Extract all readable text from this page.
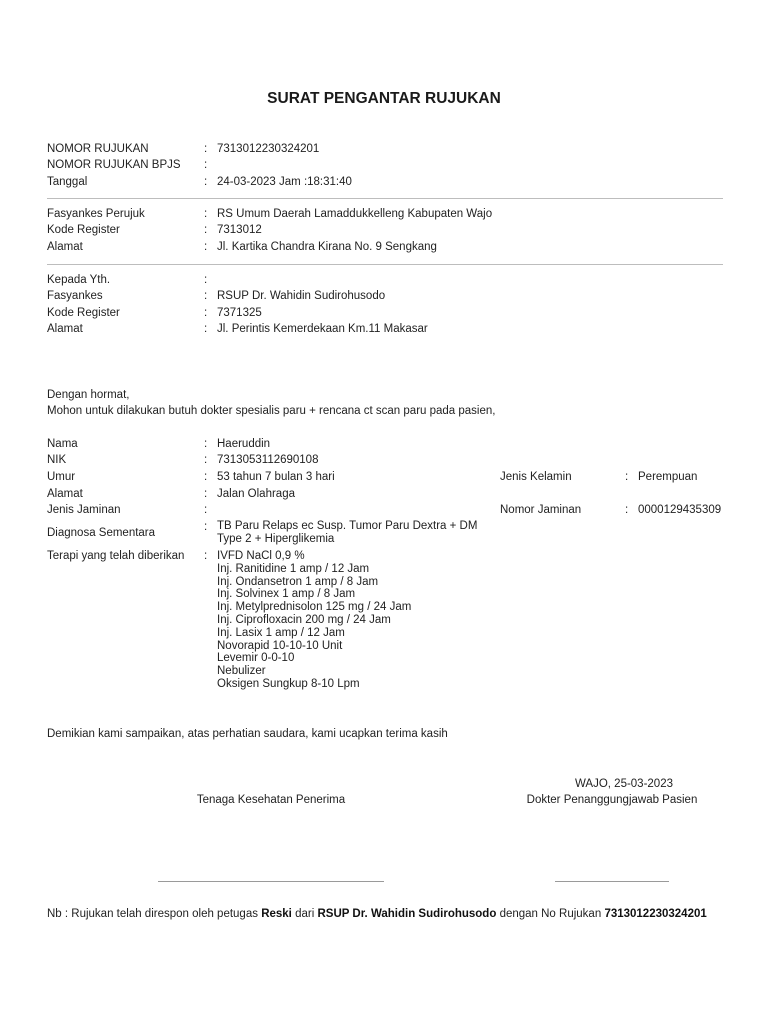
SURAT PENGANTAR RUJUKAN
NOMOR RUJUKAN	: 7313012230324201
NOMOR RUJUKAN BPJS :
Tanggal	: 24-03-2023 Jam :18:31:40
Fasyankes Perujuk	: RS Umum Daerah Lamaddukkelleng Kabupaten Wajo
Kode Register	: 7313012
Alamat	: Jl. Kartika Chandra Kirana No. 9 Sengkang
Kepada Yth.	:
Fasyankes	: RSUP Dr. Wahidin Sudirohusodo
Kode Register	: 7371325
Alamat	: Jl. Perintis Kemerdekaan Km.11 Makasar
Dengan hormat,
Mohon untuk dilakukan butuh dokter spesialis paru + rencana ct scan paru pada pasien,
Nama	: Haeruddin
NIK	: 7313053112690108
Umur	: 53 tahun 7 bulan 3 hari	Jenis Kelamin	: Perempuan
Alamat	: Jalan Olahraga
Jenis Jaminan	:	Nomor Jaminan	: 0000129435309
Diagnosa Sementara	: TB Paru Relaps ec Susp. Tumor Paru Dextra + DM
Type 2 + Hiperglikemia
Terapi yang telah diberikan : IVFD NaCl 0,9 %
Inj. Ranitidine 1 amp / 12 Jam
Inj. Ondansetron 1 amp / 8 Jam
Inj. Solvinex 1 amp / 8 Jam
Inj. Metylprednisolon 125 mg / 24 Jam
Inj. Ciprofloxacin 200 mg / 24 Jam
Inj. Lasix 1 amp / 12 Jam
Novorapid 10-10-10 Unit
Levemir 0-0-10
Nebulizer
Oksigen Sungkup 8-10 Lpm
Demikian kami sampaikan, atas perhatian saudara, kami ucapkan terima kasih
WAJO, 25-03-2023
Tenaga Kesehatan Penerima	Dokter Penanggungjawab Pasien
Nb : Rujukan telah direspon oleh petugas Reski dari RSUP Dr. Wahidin Sudirohusodo dengan No Rujukan 7313012230324201
